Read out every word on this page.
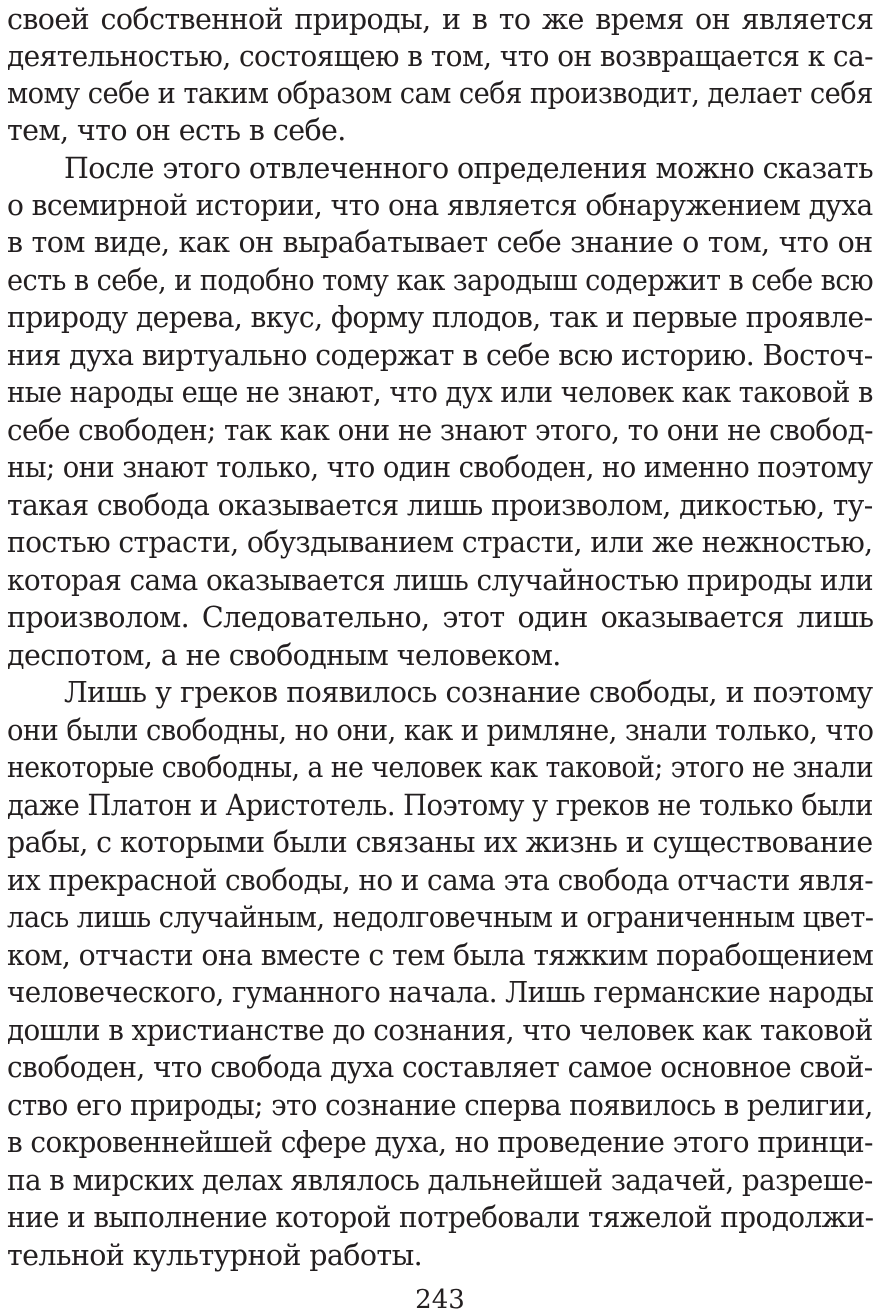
своей собственной природы, и в то же время он является
деятельностью, состоящею в том, что он возвращается к са-
мому себе и таким образом сам себя производит, делает себя
тем, что он есть в себе.
После этого отвлеченного определения можно сказать
о всемирной истории, что она является обнаружением духа
в том виде, как он вырабатывает себе знание о том, что он
есть в себе, и подобно тому как зародыш содержит в себе всю
природу дерева, вкус, форму плодов, так и первые проявле-
ния духа виртуально содержат в себе всю историю. Восточ-
ные народы еще не знают, что дух или человек как таковой в
себе свободен; так как они не знают этого, то они не свобод-
ны; они знают только, что один свободен, но именно поэтому
такая свобода оказывается лишь произволом, дикостью, ту-
постью страсти, обуздыванием страсти, или же нежностью,
которая сама оказывается лишь случайностью природы или
произволом. Следовательно, этот один оказывается лишь
деспотом, а не свободным человеком.
Лишь у греков появилось сознание свободы, и поэтому
они были свободны, но они, как и римляне, знали только, что
некоторые свободны, а не человек как таковой; этого не знали
даже Платон и Аристотель. Поэтому у греков не только были
рабы, с которыми были связаны их жизнь и существование
их прекрасной свободы, но и сама эта свобода отчасти явля-
лась лишь случайным, недолговечным и ограниченным цвет-
ком, отчасти она вместе с тем была тяжким порабощением
человеческого, гуманного начала. Лишь германские народы
дошли в христианстве до сознания, что человек как таковой
свободен, что свобода духа составляет самое основное свой-
ство его природы; это сознание сперва появилось в религии,
в сокровеннейшей сфере духа, но проведение этого принци-
па в мирских делах являлось дальнейшей задачей, разреше-
ние и выполнение которой потребовали тяжелой продолжи-
тельной культурной работы.
243
